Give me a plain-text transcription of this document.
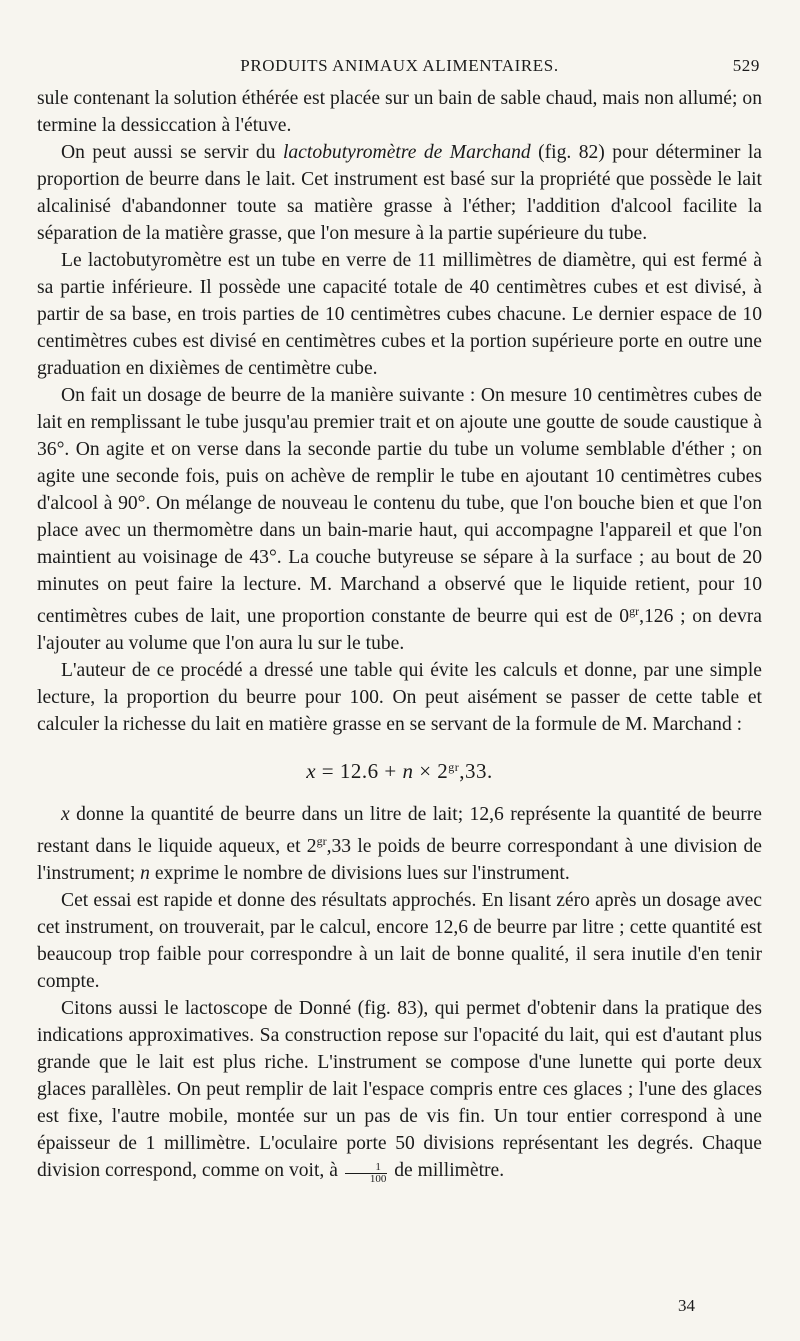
PRODUITS ANIMAUX ALIMENTAIRES.	529

sule contenant la solution éthérée est placée sur un bain de sable chaud, mais non allumé; on termine la dessiccation à l'étuve.

On peut aussi se servir du lactobutyromètre de Marchand (fig. 82) pour déterminer la proportion de beurre dans le lait. Cet instrument est basé sur la propriété que possède le lait alcalinisé d'abandonner toute sa matière grasse à l'éther; l'addition d'alcool facilite la séparation de la matière grasse, que l'on mesure à la partie supérieure du tube.

Le lactobutyromètre est un tube en verre de 11 millimètres de diamètre, qui est fermé à sa partie inférieure. Il possède une capacité totale de 40 centimètres cubes et est divisé, à partir de sa base, en trois parties de 10 centimètres cubes chacune. Le dernier espace de 10 centimètres cubes est divisé en centimètres cubes et la portion supérieure porte en outre une graduation en dixièmes de centimètre cube.

On fait un dosage de beurre de la manière suivante : On mesure 10 centimètres cubes de lait en remplissant le tube jusqu'au premier trait et on ajoute une goutte de soude caustique à 36°. On agite et on verse dans la seconde partie du tube un volume semblable d'éther ; on agite une seconde fois, puis on achève de remplir le tube en ajoutant 10 centimètres cubes d'alcool à 90°. On mélange de nouveau le contenu du tube, que l'on bouche bien et que l'on place avec un thermomètre dans un bain-marie haut, qui accompagne l'appareil et que l'on maintient au voisinage de 43°. La couche butyreuse se sépare à la surface ; au bout de 20 minutes on peut faire la lecture. M. Marchand a observé que le liquide retient, pour 10 centimètres cubes de lait, une proportion constante de beurre qui est de $0^{gr},126$ ; on devra l'ajouter au volume que l'on aura lu sur le tube.

L'auteur de ce procédé a dressé une table qui évite les calculs et donne, par une simple lecture, la proportion du beurre pour 100. On peut aisément se passer de cette table et calculer la richesse du lait en matière grasse en se servant de la formule de M. Marchand :

$x = 12.6 + n \times 2^{gr},33$.

x donne la quantité de beurre dans un litre de lait; 12,6 représente la quantité de beurre restant dans le liquide aqueux, et $2^{gr},33$ le poids de beurre correspondant à une division de l'instrument; n exprime le nombre de divisions lues sur l'instrument.

Cet essai est rapide et donne des résultats approchés. En lisant zéro après un dosage avec cet instrument, on trouverait, par le calcul, encore 12,6 de beurre par litre ; cette quantité est beaucoup trop faible pour correspondre à un lait de bonne qualité, il sera inutile d'en tenir compte.

Citons aussi le lactoscope de Donné (fig. 83), qui permet d'obtenir dans la pratique des indications approximatives. Sa construction repose sur l'opacité du lait, qui est d'autant plus grande que le lait est plus riche. L'instrument se compose d'une lunette qui porte deux glaces parallèles. On peut remplir de lait l'espace compris entre ces glaces ; l'une des glaces est fixe, l'autre mobile, montée sur un pas de vis fin. Un tour entier correspond à une épaisseur de 1 millimètre. L'oculaire porte 50 divisions représentant les degrés. Chaque division correspond, comme on voit, à $\frac{1}{100}$ de millimètre.

34
